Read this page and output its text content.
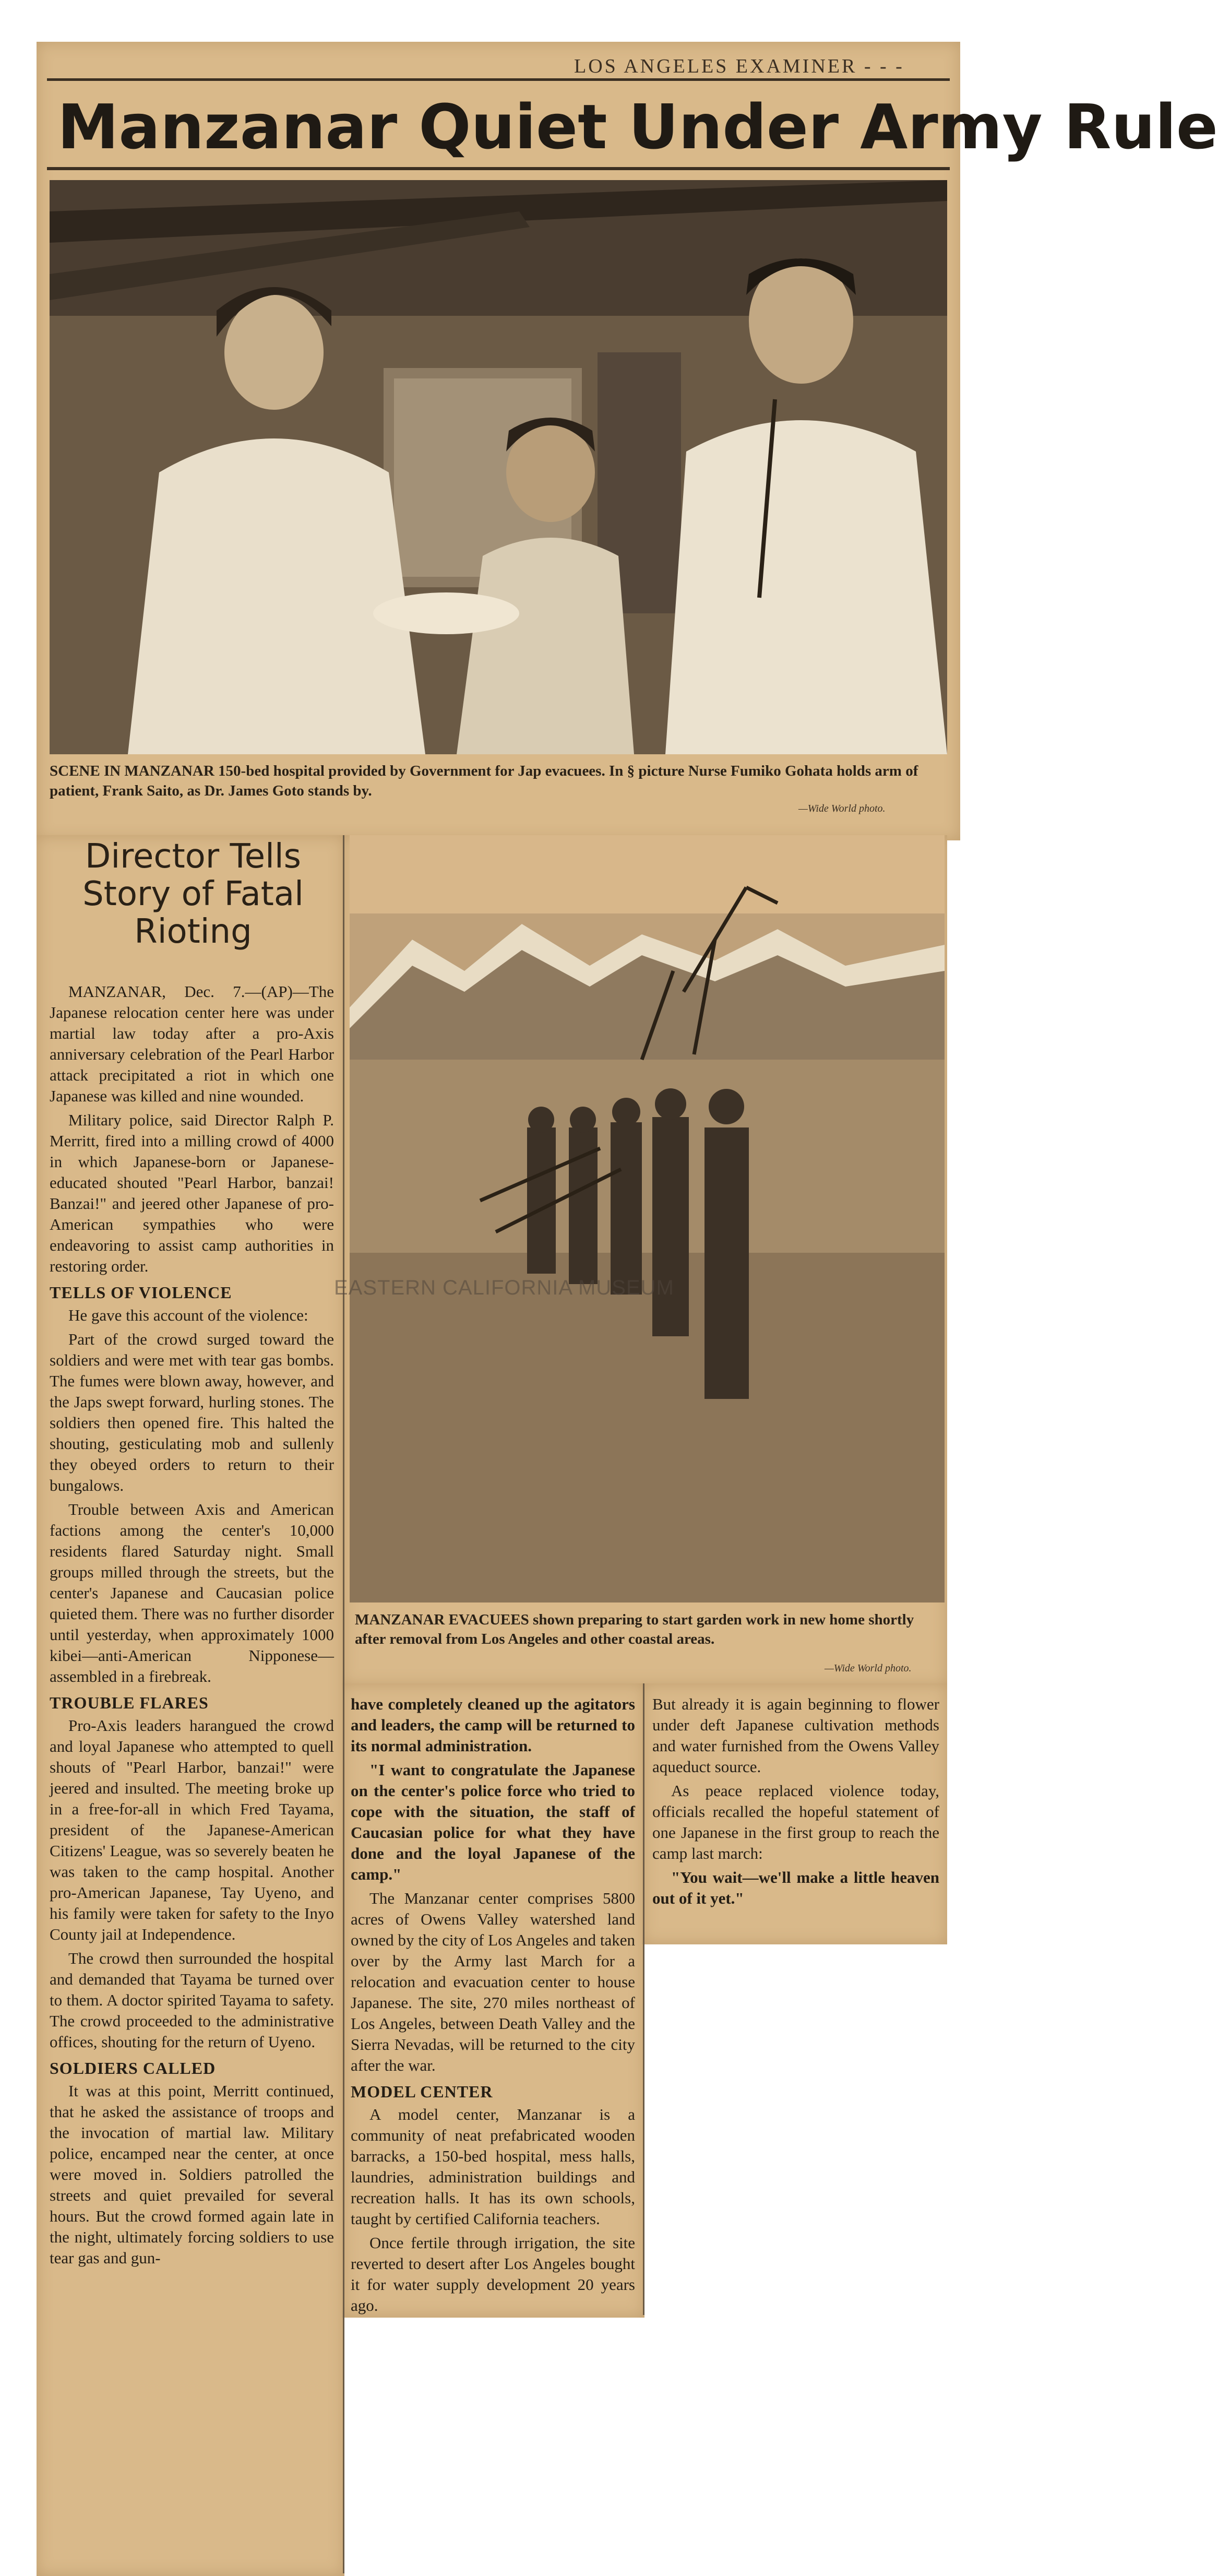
LOS ANGELES EXAMINER - - -
Manzanar Quiet Under Army Rule
SCENE IN MANZANAR 150-bed hospital provided by Government for Jap evacuees. In § picture Nurse Fumiko Gohata holds arm of patient, Frank Saito, as Dr. James Goto stands by.
—Wide World photo.
Director Tells Story of Fatal Rioting
EASTERN CALIFORNIA MUSEUM
MANZANAR EVACUEES shown preparing to start garden work in new home shortly after removal from Los Angeles and other coastal areas.
—Wide World photo.

MANZANAR, Dec. 7.—(AP)—The Japanese relocation center here was under martial law today after a pro-Axis anniversary celebration of the Pearl Harbor attack precipitated a riot in which one Japanese was killed and nine wounded.

Military police, said Director Ralph P. Merritt, fired into a milling crowd of 4000 in which Japanese-born or Japanese-educated shouted "Pearl Harbor, banzai! Banzai!" and jeered other Japanese of pro-American sympathies who were endeavoring to assist camp authorities in restoring order.

TELLS OF VIOLENCE

He gave this account of the violence:

Part of the crowd surged toward the soldiers and were met with tear gas bombs. The fumes were blown away, however, and the Japs swept forward, hurling stones. The soldiers then opened fire. This halted the shouting, gesticulating mob and sullenly they obeyed orders to return to their bungalows.

Trouble between Axis and American factions among the center's 10,000 residents flared Saturday night. Small groups milled through the streets, but the center's Japanese and Caucasian police quieted them. There was no further disorder until yesterday, when approximately 1000 kibei—anti-American Nipponese—assembled in a firebreak.

TROUBLE FLARES

Pro-Axis leaders harangued the crowd and loyal Japanese who attempted to quell shouts of "Pearl Harbor, banzai!" were jeered and insulted. The meeting broke up in a free-for-all in which Fred Tayama, president of the Japanese-American Citizens' League, was so severely beaten he was taken to the camp hospital. Another pro-American Japanese, Tay Uyeno, and his family were taken for safety to the Inyo County jail at Independence.

The crowd then surrounded the hospital and demanded that Tayama be turned over to them. A doctor spirited Tayama to safety. The crowd proceeded to the administrative offices, shouting for the return of Uyeno.

SOLDIERS CALLED

It was at this point, Merritt continued, that he asked the assistance of troops and the invocation of martial law. Military police, encamped near the center, at once were moved in. Soldiers patrolled the streets and quiet prevailed for several hours. But the crowd formed again late in the night, ultimately forcing soldiers to use tear gas and gun-

have completely cleaned up the agitators and leaders, the camp will be returned to its normal administration.

"I want to congratulate the Japanese on the center's police force who tried to cope with the situation, the staff of Caucasian police for what they have done and the loyal Japanese of the camp."

The Manzanar center comprises 5800 acres of Owens Valley watershed land owned by the city of Los Angeles and taken over by the Army last March for a relocation and evacuation center to house Japanese. The site, 270 miles northeast of Los Angeles, between Death Valley and the Sierra Nevadas, will be returned to the city after the war.

MODEL CENTER

A model center, Manzanar is a community of neat prefabricated wooden barracks, a 150-bed hospital, mess halls, laundries, administration buildings and recreation halls. It has its own schools, taught by certified California teachers.

Once fertile through irrigation, the site reverted to desert after Los Angeles bought it for water supply development 20 years ago.

But already it is again beginning to flower under deft Japanese cultivation methods and water furnished from the Owens Valley aqueduct source.

As peace replaced violence today, officials recalled the hopeful statement of one Japanese in the first group to reach the camp last march:

"You wait—we'll make a little heaven out of it yet."
